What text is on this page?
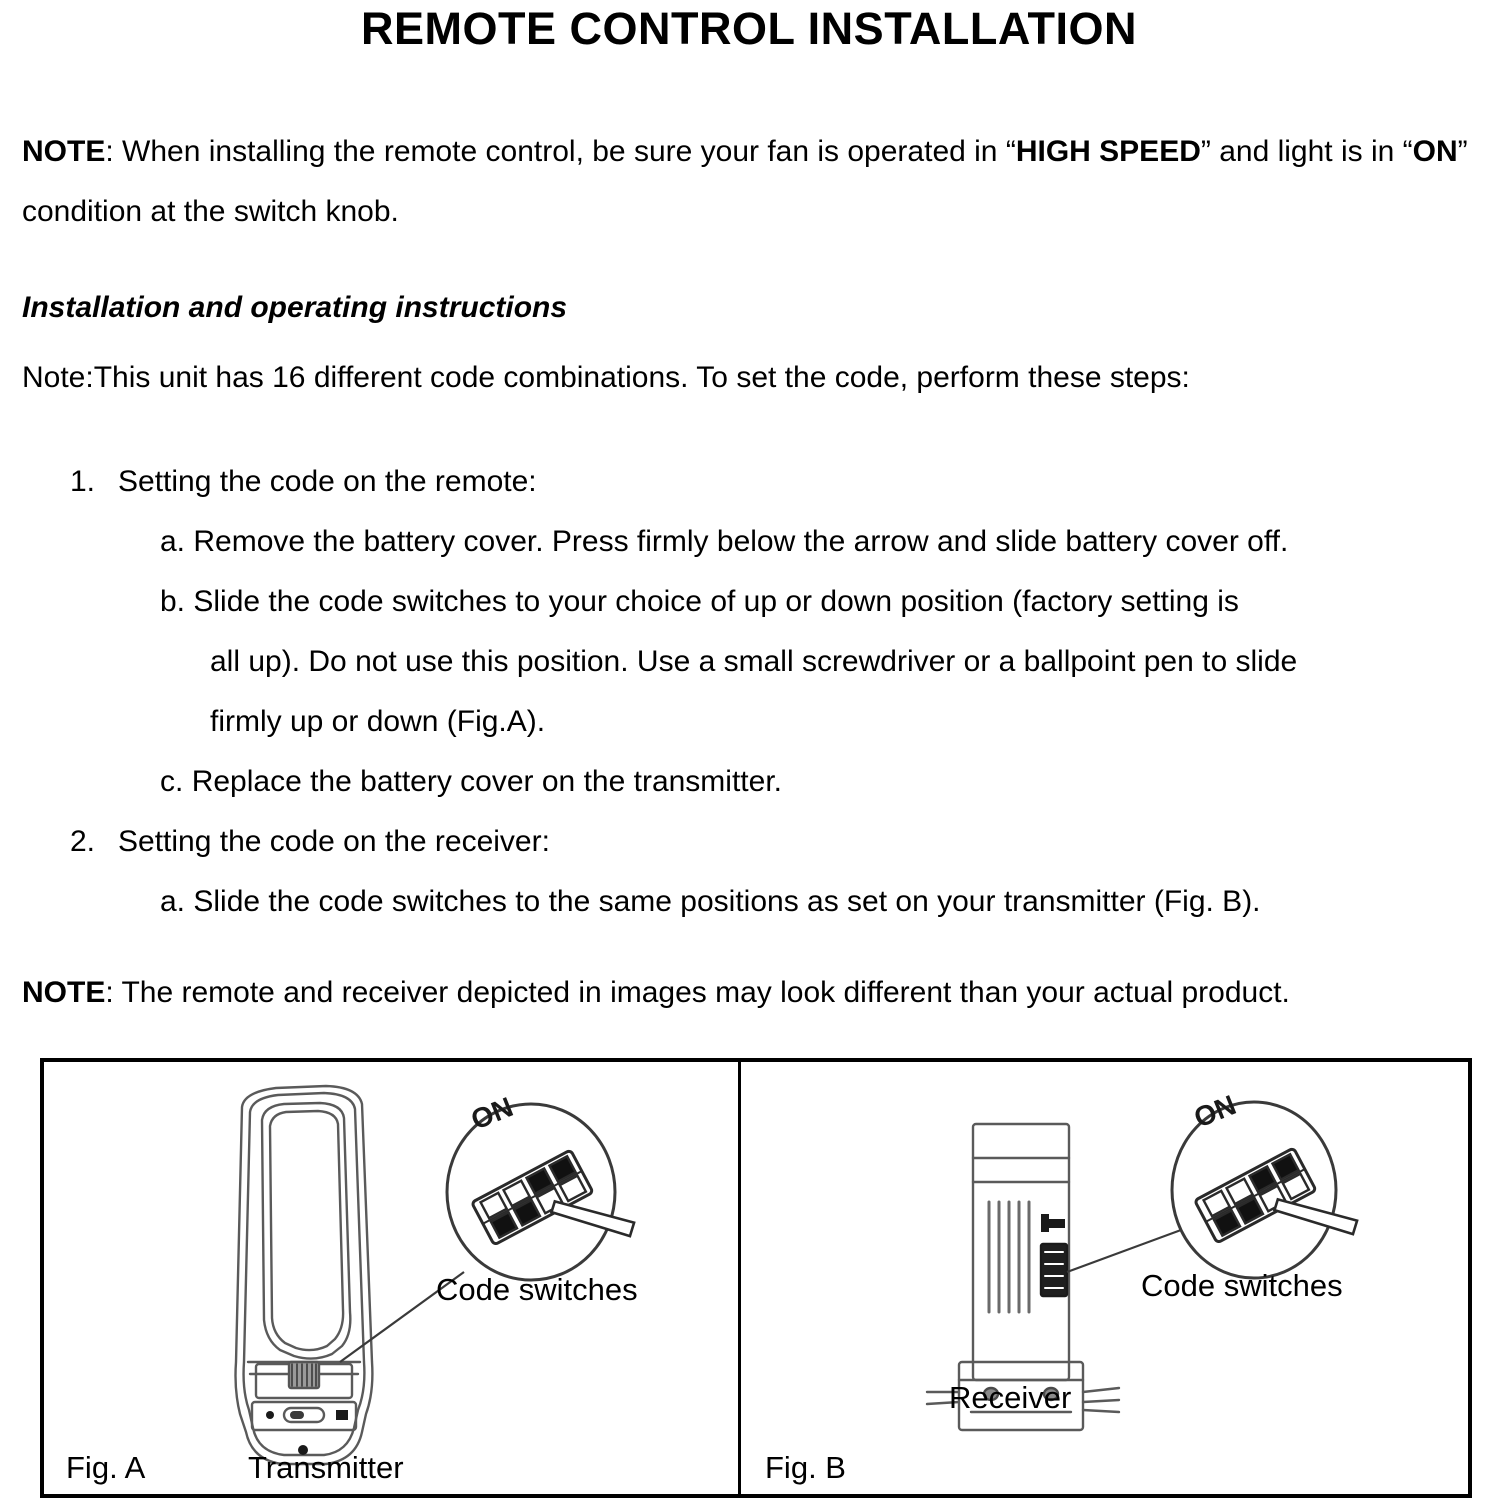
REMOTE CONTROL INSTALLATION
NOTE: When installing the remote control, be sure your fan is operated in “HIGH SPEED” and light is in “ON” condition at the switch knob.
Installation and operating instructions
Note:This unit has 16 different code combinations. To set the code, perform these steps:
1. Setting the code on the remote:
a. Remove the battery cover. Press firmly below the arrow and slide battery cover off.
b. Slide the code switches to your choice of up or down position (factory setting is
all up). Do not use this position. Use a small screwdriver or a ballpoint pen to slide
firmly up or down (Fig.A).
c. Replace the battery cover on the transmitter.
2. Setting the code on the receiver:
a. Slide the code switches to the same positions as set on your transmitter (Fig. B).
NOTE: The remote and receiver depicted in images may look different than your actual product.
ON
Code switches
Fig. A	Transmitter
ON
Code switches
Receiver
Fig. B
